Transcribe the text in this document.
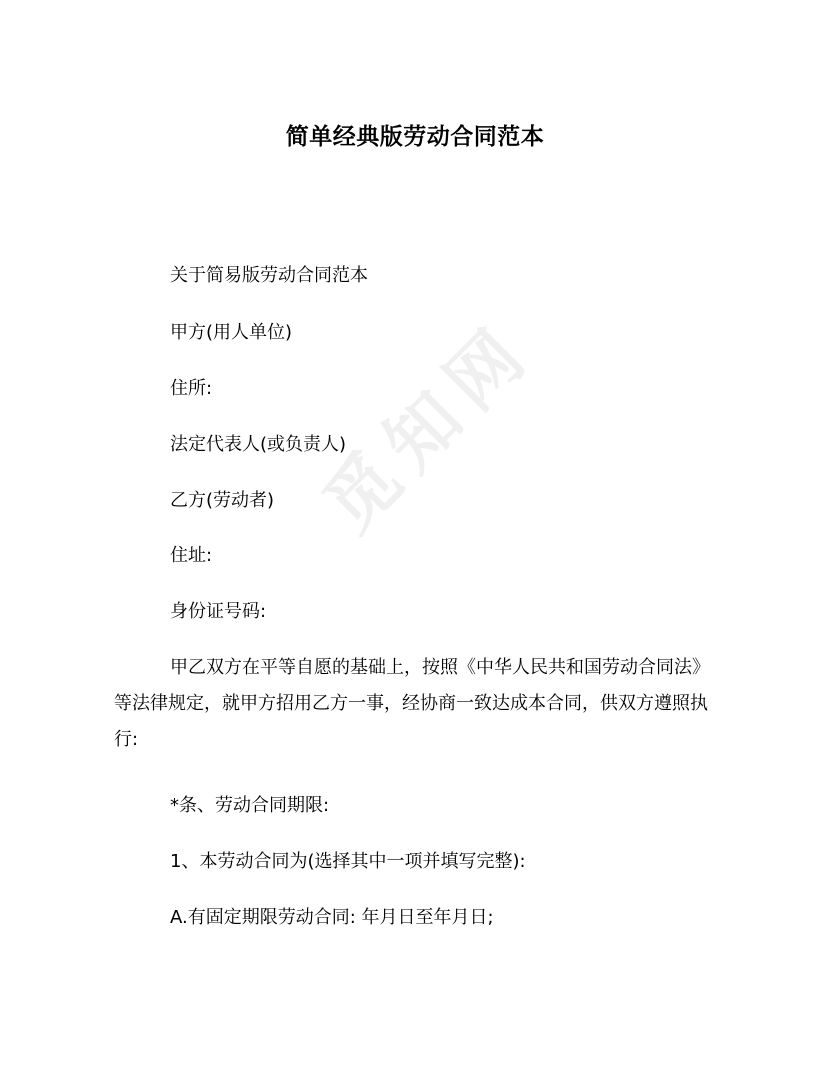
觅知网
简单经典版劳动合同范本

关于简易版劳动合同范本

甲方(用人单位)

住所:

法定代表人(或负责人)

乙方(劳动者)

住址:

身份证号码:

甲乙双方在平等自愿的基础上，按照《中华人民共和国劳动合同法》等法律规定，就甲方招用乙方一事，经协商一致达成本合同，供双方遵照执行:

*条、劳动合同期限:

1、本劳动合同为(选择其中一项并填写完整):

A.有固定期限劳动合同: 年月日至年月日;
